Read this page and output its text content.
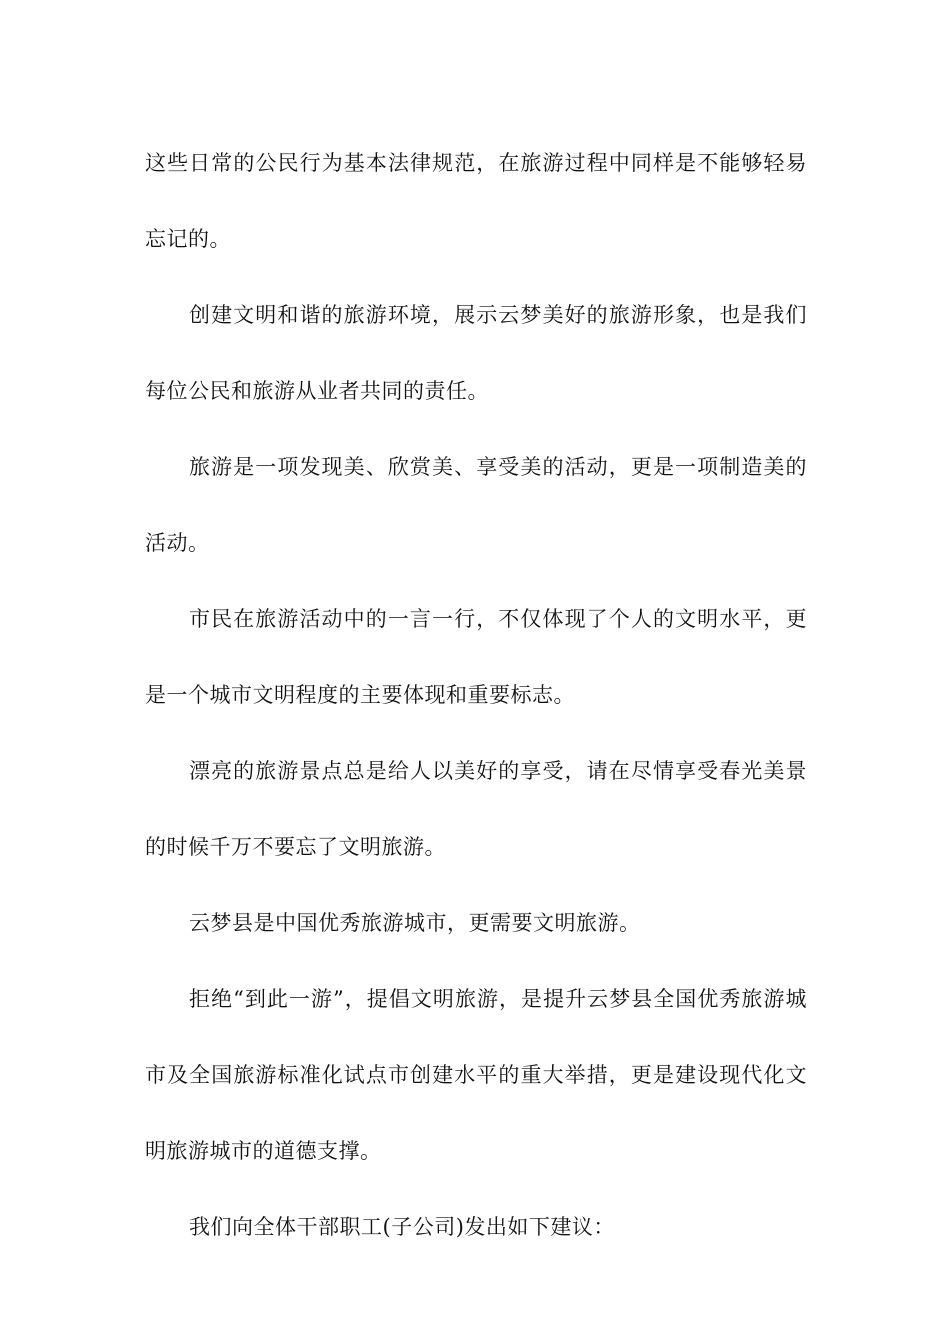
这些日常的公民行为基本法律规范，在旅游过程中同样是不能够轻易忘记的。

创建文明和谐的旅游环境，展示云梦美好的旅游形象，也是我们每位公民和旅游从业者共同的责任。

旅游是一项发现美、欣赏美、享受美的活动，更是一项制造美的活动。

市民在旅游活动中的一言一行，不仅体现了个人的文明水平，更是一个城市文明程度的主要体现和重要标志。

漂亮的旅游景点总是给人以美好的享受，请在尽情享受春光美景的时候千万不要忘了文明旅游。

云梦县是中国优秀旅游城市，更需要文明旅游。

拒绝“到此一游”，提倡文明旅游，是提升云梦县全国优秀旅游城市及全国旅游标准化试点市创建水平的重大举措，更是建设现代化文明旅游城市的道德支撑。

我们向全体干部职工(子公司)发出如下建议：
